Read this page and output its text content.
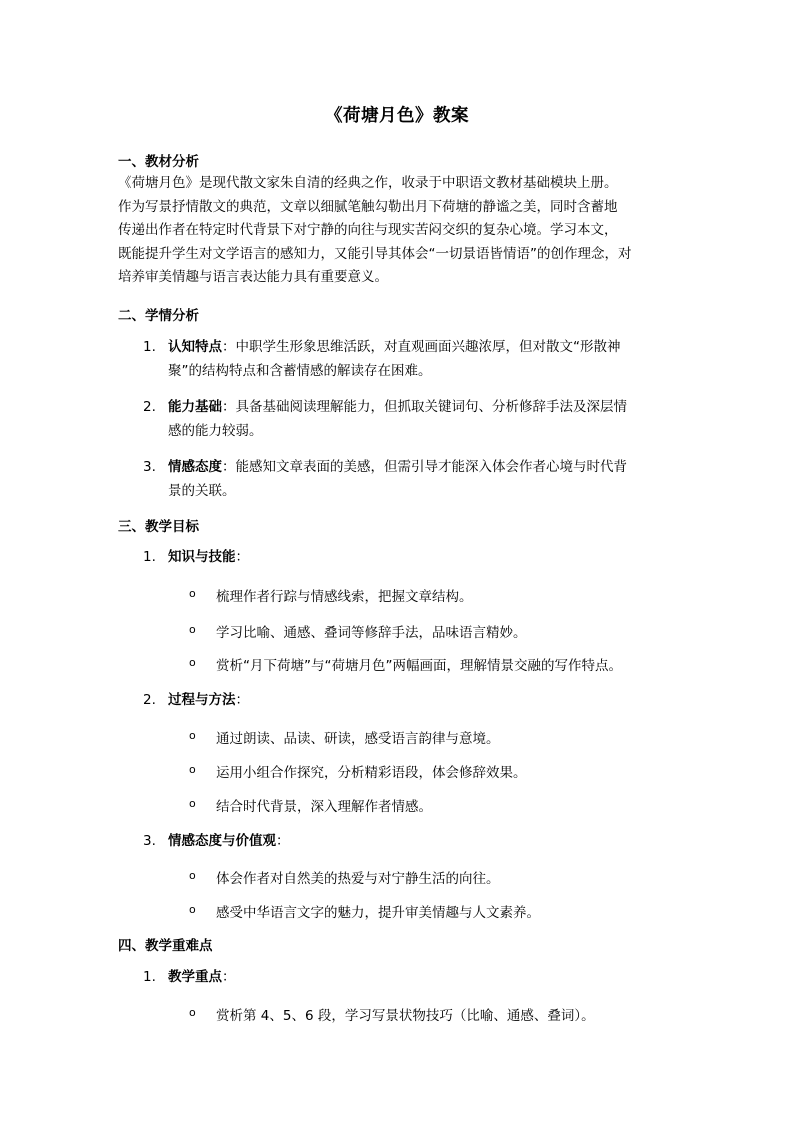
《荷塘月色》教案
一、教材分析
《荷塘月色》是现代散文家朱自清的经典之作，收录于中职语文教材基础模块上册。
作为写景抒情散文的典范，文章以细腻笔触勾勒出月下荷塘的静谧之美，同时含蓄地
传递出作者在特定时代背景下对宁静的向往与现实苦闷交织的复杂心境。学习本文，
既能提升学生对文学语言的感知力，又能引导其体会“一切景语皆情语”的创作理念，对
培养审美情趣与语言表达能力具有重要意义。
二、学情分析
1. 认知特点：中职学生形象思维活跃，对直观画面兴趣浓厚，但对散文“形散神
聚”的结构特点和含蓄情感的解读存在困难。
2. 能力基础：具备基础阅读理解能力，但抓取关键词句、分析修辞手法及深层情
感的能力较弱。
3. 情感态度：能感知文章表面的美感，但需引导才能深入体会作者心境与时代背
景的关联。
三、教学目标
1. 知识与技能：
o 梳理作者行踪与情感线索，把握文章结构。
o 学习比喻、通感、叠词等修辞手法，品味语言精妙。
o 赏析“月下荷塘”与“荷塘月色”两幅画面，理解情景交融的写作特点。
2. 过程与方法：
o 通过朗读、品读、研读，感受语言韵律与意境。
o 运用小组合作探究，分析精彩语段，体会修辞效果。
o 结合时代背景，深入理解作者情感。
3. 情感态度与价值观：
o 体会作者对自然美的热爱与对宁静生活的向往。
o 感受中华语言文字的魅力，提升审美情趣与人文素养。
四、教学重难点
1. 教学重点：
o 赏析第 4、5、6 段，学习写景状物技巧（比喻、通感、叠词）。
